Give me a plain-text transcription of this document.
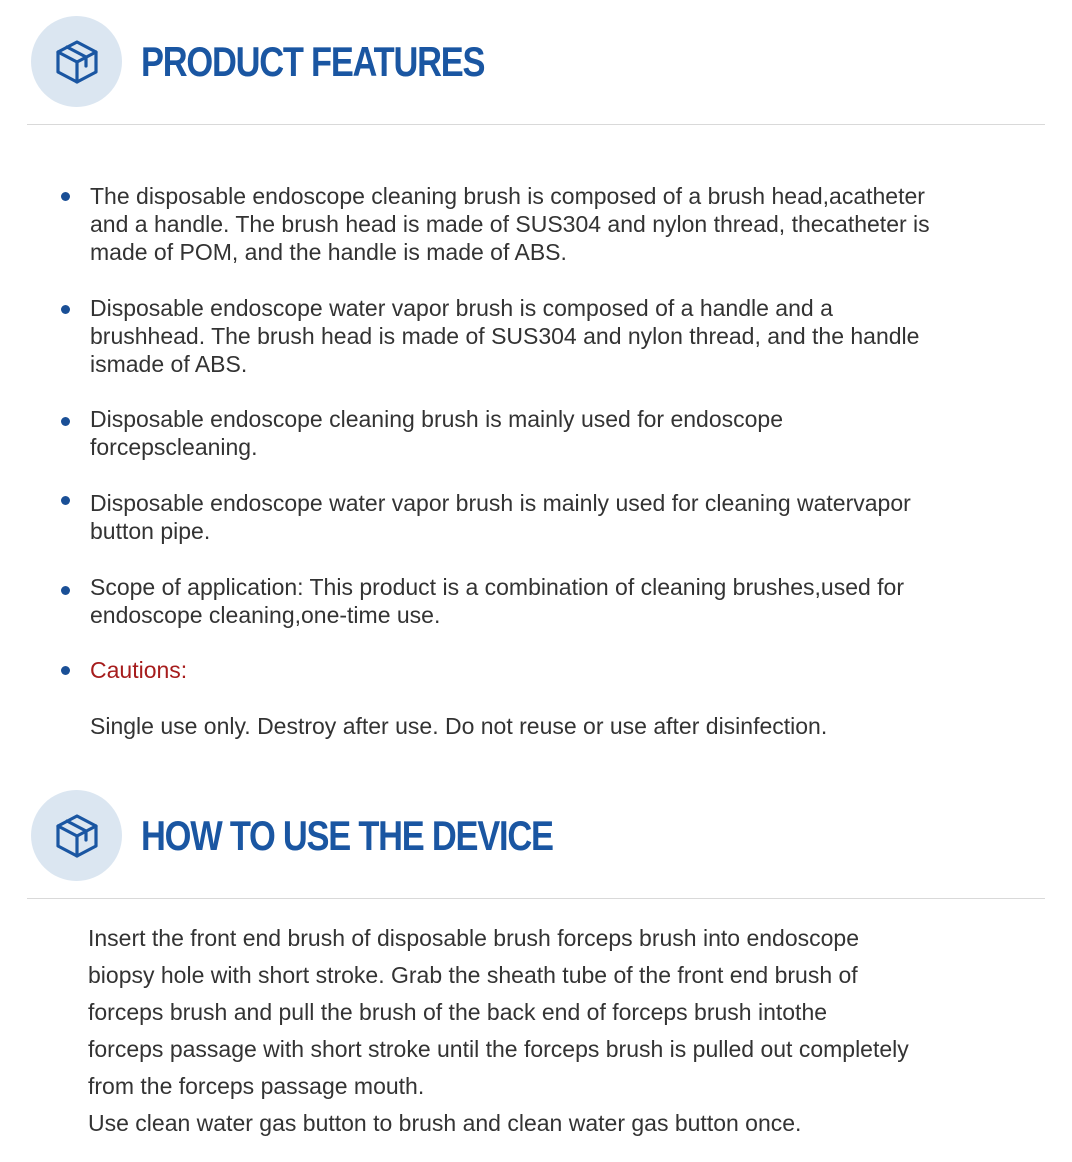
PRODUCT FEATURES
The disposable endoscope cleaning brush is composed of a brush head,acatheter
and a handle. The brush head is made of SUS304 and nylon thread, thecatheter is
made of POM, and the handle is made of ABS.
Disposable endoscope water vapor brush is composed of a handle and a
brushhead. The brush head is made of SUS304 and nylon thread, and the handle
ismade of ABS.
Disposable endoscope cleaning brush is mainly used for endoscope
forcepscleaning.
Disposable endoscope water vapor brush is mainly used for cleaning watervapor
button pipe.
Scope of application: This product is a combination of cleaning brushes,used for
endoscope cleaning,one-time use.
Cautions:
Single use only. Destroy after use. Do not reuse or use after disinfection.
HOW TO USE THE DEVICE
Insert the front end brush of disposable brush forceps brush into endoscope
biopsy hole with short stroke. Grab the sheath tube of the front end brush of
forceps brush and pull the brush of the back end of forceps brush intothe
forceps passage with short stroke until the forceps brush is pulled out completely
from the forceps passage mouth.
Use clean water gas button to brush and clean water gas button once.
